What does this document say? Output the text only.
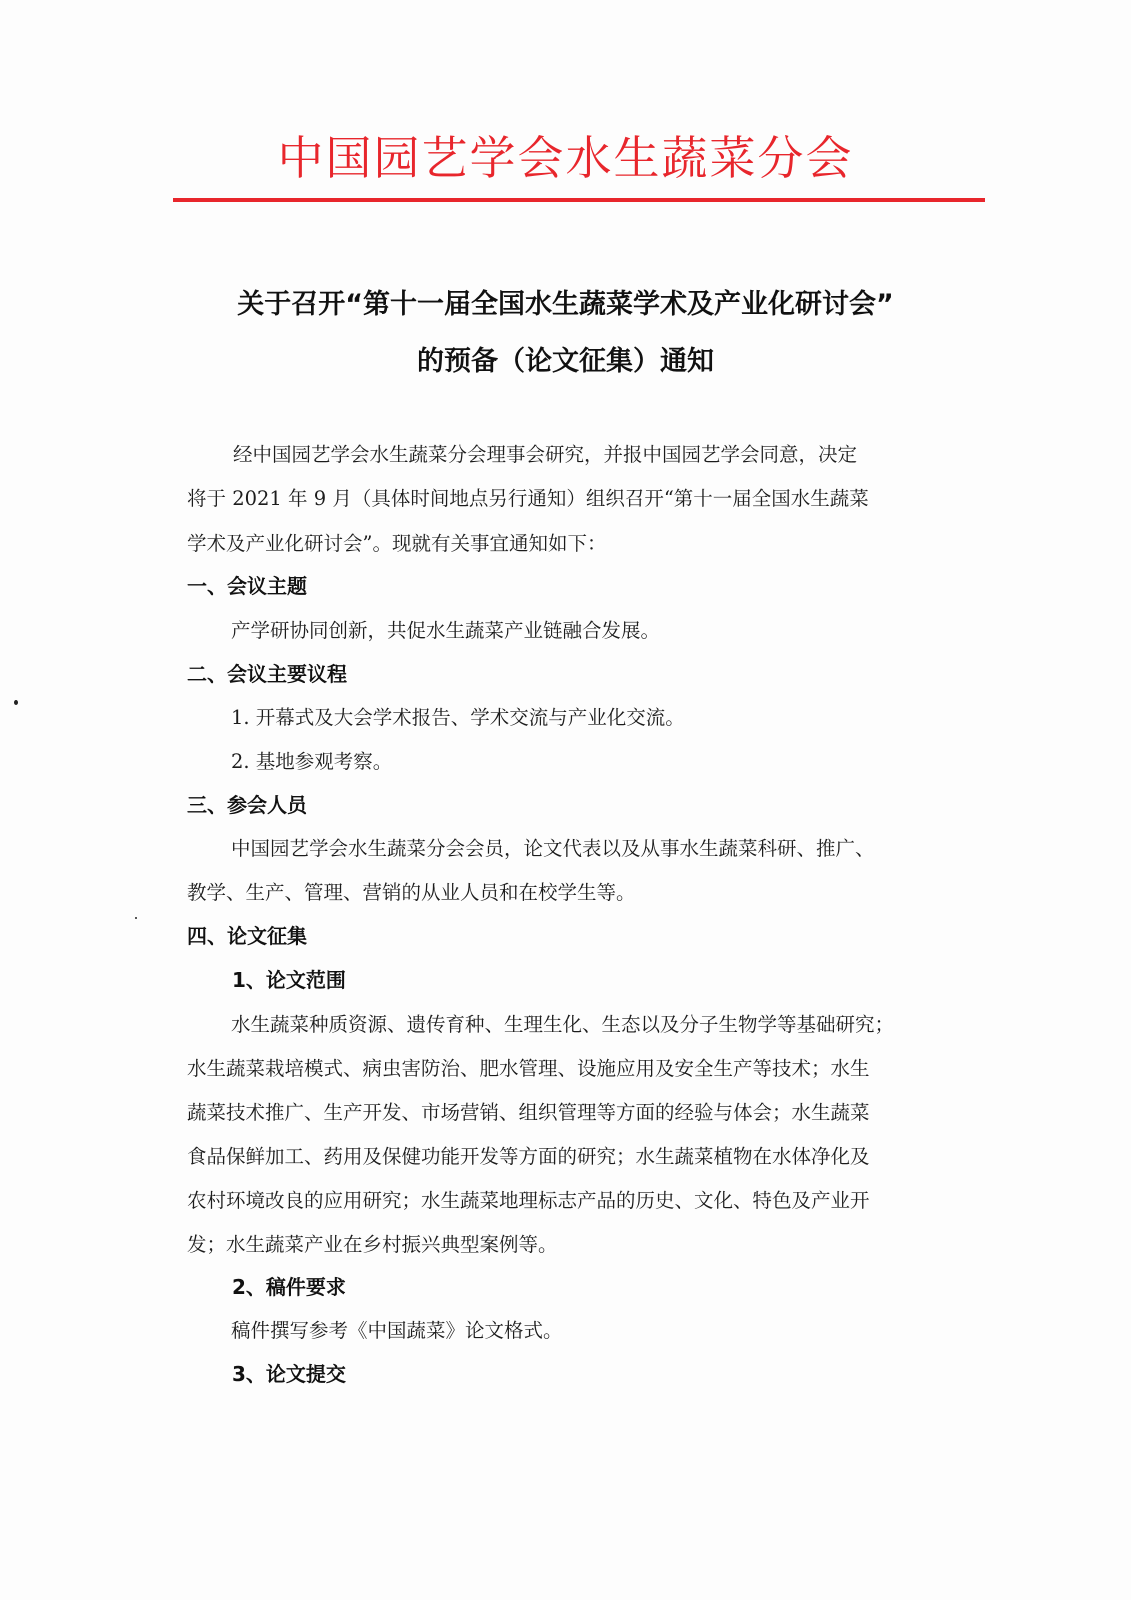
中国园艺学会水生蔬菜分会
关于召开“第十一届全国水生蔬菜学术及产业化研讨会”
的预备（论文征集）通知
经中国园艺学会水生蔬菜分会理事会研究，并报中国园艺学会同意，决定
将于 2021 年 9 月（具体时间地点另行通知）组织召开“第十一届全国水生蔬菜
学术及产业化研讨会”。现就有关事宜通知如下：
一、会议主题
产学研协同创新，共促水生蔬菜产业链融合发展。
二、会议主要议程
1. 开幕式及大会学术报告、学术交流与产业化交流。
2. 基地参观考察。
三、参会人员
中国园艺学会水生蔬菜分会会员，论文代表以及从事水生蔬菜科研、推广、
教学、生产、管理、营销的从业人员和在校学生等。
四、论文征集
1、论文范围
水生蔬菜种质资源、遗传育种、生理生化、生态以及分子生物学等基础研究；
水生蔬菜栽培模式、病虫害防治、肥水管理、设施应用及安全生产等技术；水生
蔬菜技术推广、生产开发、市场营销、组织管理等方面的经验与体会；水生蔬菜
食品保鲜加工、药用及保健功能开发等方面的研究；水生蔬菜植物在水体净化及
农村环境改良的应用研究；水生蔬菜地理标志产品的历史、文化、特色及产业开
发；水生蔬菜产业在乡村振兴典型案例等。
2、稿件要求
稿件撰写参考《中国蔬菜》论文格式。
3、论文提交
